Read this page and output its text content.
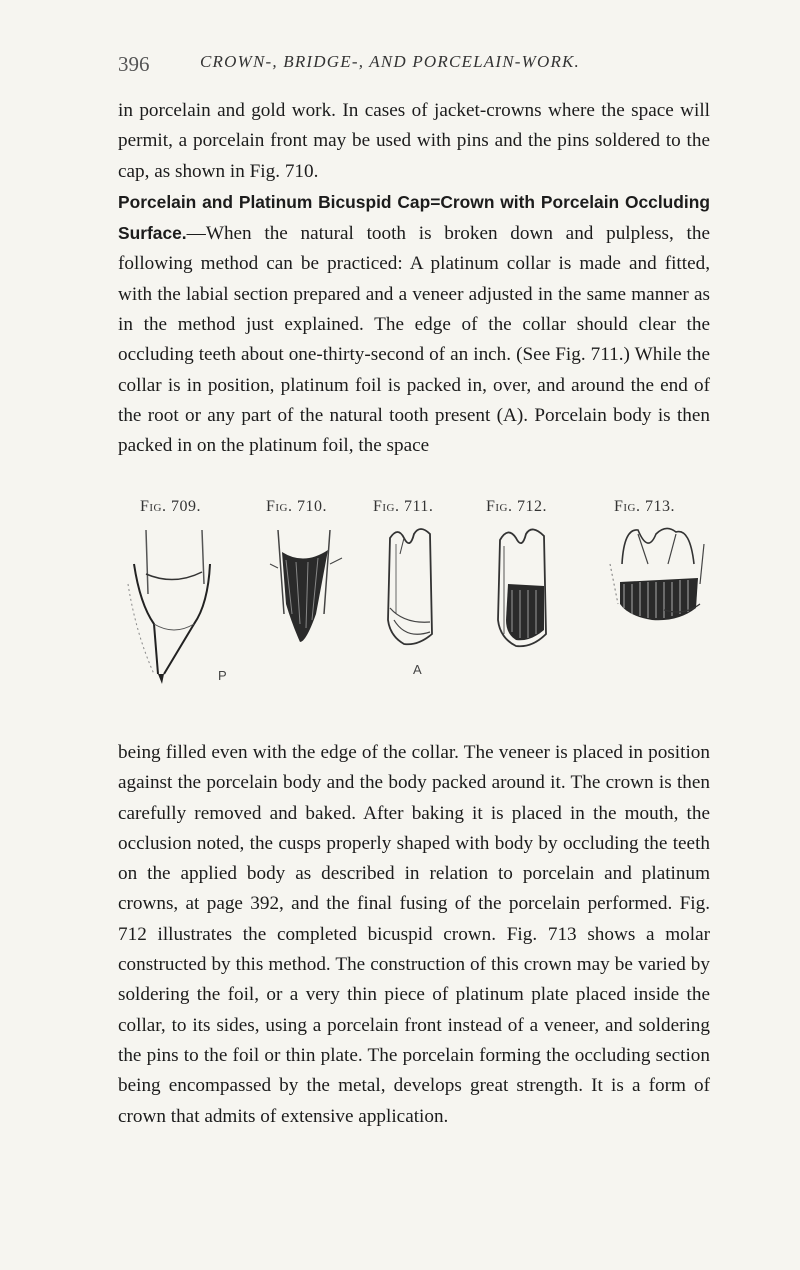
396	CROWN-, BRIDGE-, AND PORCELAIN-WORK.

in porcelain and gold work. In cases of jacket-crowns where the space will permit, a porcelain front may be used with pins and the pins soldered to the cap, as shown in Fig. 710.

Porcelain and Platinum Bicuspid Cap=Crown with Porcelain Occluding Surface.—When the natural tooth is broken down and pulpless, the following method can be practiced: A platinum collar is made and fitted, with the labial section prepared and a veneer adjusted in the same manner as in the method just explained. The edge of the collar should clear the occluding teeth about one-thirty-second of an inch. (See Fig. 711.) While the collar is in position, platinum foil is packed in, over, and around the end of the root or any part of the natural tooth present (A). Porcelain body is then packed in on the platinum foil, the space

Fig. 709.
P
Fig. 710.	Fig. 711.
A
Fig. 712.	Fig. 713.

being filled even with the edge of the collar. The veneer is placed in position against the porcelain body and the body packed around it. The crown is then carefully removed and baked. After baking it is placed in the mouth, the occlusion noted, the cusps properly shaped with body by occluding the teeth on the applied body as described in relation to porcelain and platinum crowns, at page 392, and the final fusing of the porcelain performed. Fig. 712 illustrates the completed bicuspid crown. Fig. 713 shows a molar constructed by this method. The construction of this crown may be varied by soldering the foil, or a very thin piece of platinum plate placed inside the collar, to its sides, using a porcelain front instead of a veneer, and soldering the pins to the foil or thin plate. The porcelain forming the occluding section being encompassed by the metal, develops great strength. It is a form of crown that admits of extensive application.
